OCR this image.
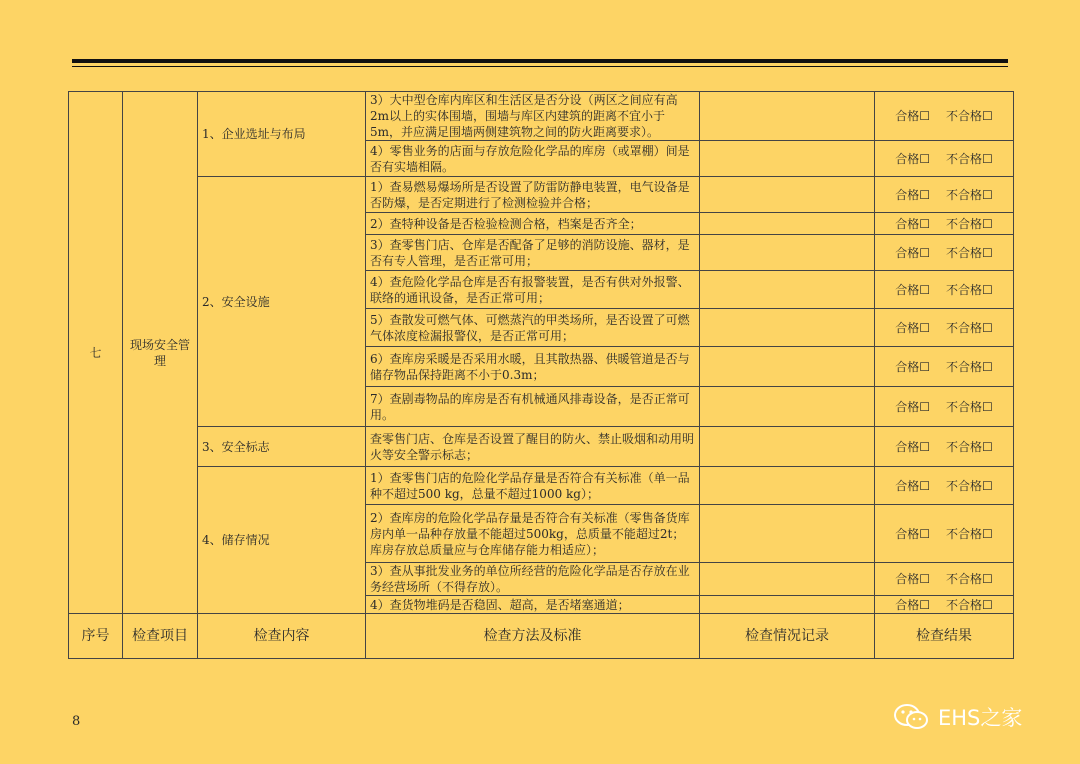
七	现场安全管理	1、企业选址与布局	3）大中型仓库内库区和生活区是否分设（两区之间应有高2m以上的实体围墙，围墙与库区内建筑的距离不宜小于5m，并应满足围墙两侧建筑物之间的防火距离要求）。		合格☐ 不合格☐
			4）零售业务的店面与存放危险化学品的库房（或罩棚）间是否有实墙相隔。		合格☐ 不合格☐
		2、安全设施	1）查易燃易爆场所是否设置了防雷防静电装置，电气设备是否防爆，是否定期进行了检测检验并合格；		合格☐ 不合格☐
			2）查特种设备是否检验检测合格，档案是否齐全；		合格☐ 不合格☐
			3）查零售门店、仓库是否配备了足够的消防设施、器材，是否有专人管理，是否正常可用；		合格☐ 不合格☐
			4）查危险化学品仓库是否有报警装置，是否有供对外报警、联络的通讯设备，是否正常可用；		合格☐ 不合格☐
			5）查散发可燃气体、可燃蒸汽的甲类场所，是否设置了可燃气体浓度检漏报警仪，是否正常可用；		合格☐ 不合格☐
			6）查库房采暖是否采用水暖，且其散热器、供暖管道是否与储存物品保持距离不小于0.3m；		合格☐ 不合格☐
			7）查剧毒物品的库房是否有机械通风排毒设备，是否正常可用。		合格☐ 不合格☐
		3、安全标志	查零售门店、仓库是否设置了醒目的防火、禁止吸烟和动用明火等安全警示标志；		合格☐ 不合格☐
		4、储存情况	1）查零售门店的危险化学品存量是否符合有关标准（单一品种不超过500 kg，总量不超过1000 kg）；		合格☐ 不合格☐
			2）查库房的危险化学品存量是否符合有关标准（零售备货库房内单一品种存放量不能超过500kg，总质量不能超过2t；库房存放总质量应与仓库储存能力相适应）；		合格☐ 不合格☐
			3）查从事批发业务的单位所经营的危险化学品是否存放在业务经营场所（不得存放）。		合格☐ 不合格☐
			4）查货物堆码是否稳固、超高，是否堵塞通道；		合格☐ 不合格☐
序号	检查项目	检查内容	检查方法及标准	检查情况记录	检查结果
8	EHS之家
